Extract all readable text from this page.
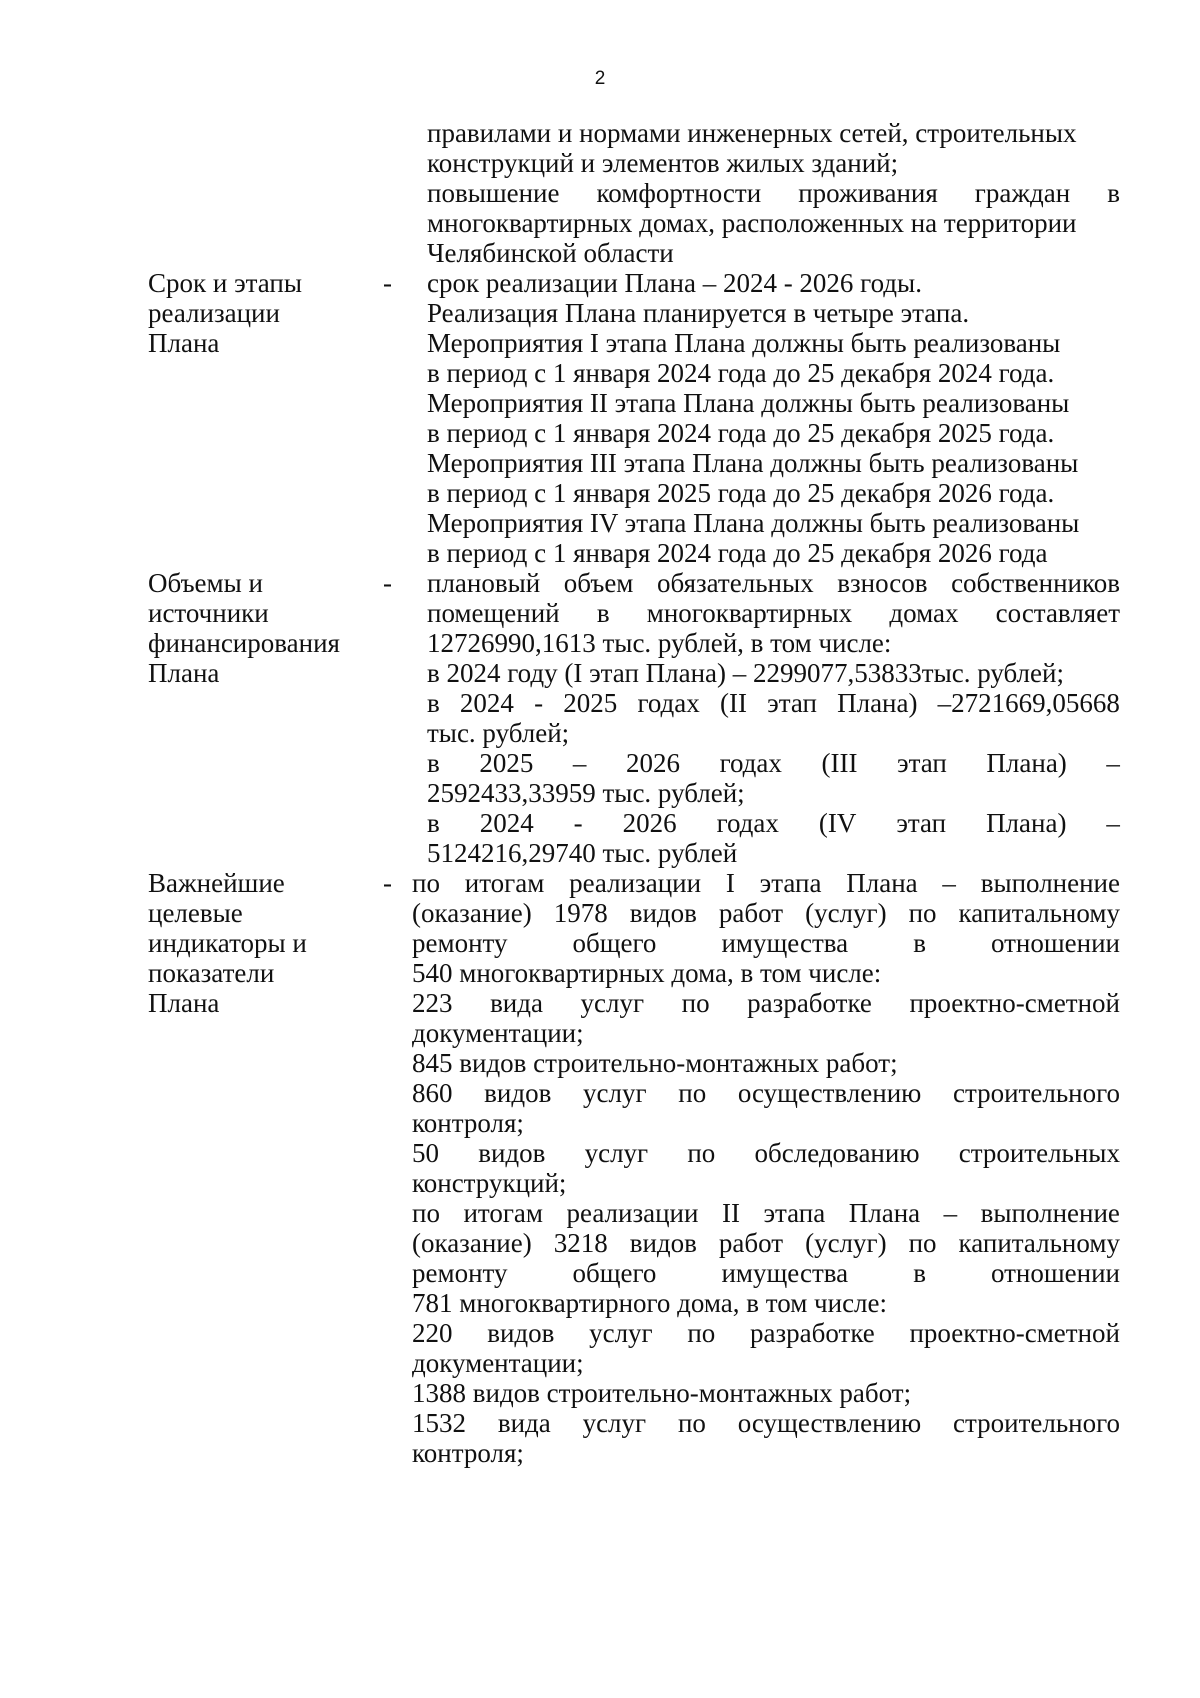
2
правилами и нормами инженерных сетей, строительных
конструкций и элементов жилых зданий;
повышение комфортности проживания граждан в
многоквартирных домах, расположенных на территории
Челябинской области
Срок и этапы
реализации
Плана
-	срок реализации Плана – 2024 - 2026 годы.
Реализация Плана планируется в четыре этапа.
Мероприятия I этапа Плана должны быть реализованы
в период с 1 января 2024 года до 25 декабря 2024 года.
Мероприятия II этапа Плана должны быть реализованы
в период с 1 января 2024 года до 25 декабря 2025 года.
Мероприятия III этапа Плана должны быть реализованы
в период с 1 января 2025 года до 25 декабря 2026 года.
Мероприятия IV этапа Плана должны быть реализованы
в период с 1 января 2024 года до 25 декабря 2026 года
Объемы и
источники
финансирования
Плана
-	плановый объем обязательных взносов собственников
помещений в многоквартирных домах составляет
12726990,1613 тыс. рублей, в том числе:
в 2024 году (I этап Плана) – 2299077,53833тыс. рублей;
в 2024 - 2025 годах (II этап Плана) –2721669,05668
тыс. рублей;
в 2025 – 2026 годах (III этап Плана) –
2592433,33959 тыс. рублей;
в 2024 - 2026 годах (IV этап Плана) –
5124216,29740 тыс. рублей
Важнейшие
целевые
индикаторы и
показатели
Плана
- по итогам реализации I этапа Плана – выполнение
(оказание) 1978 видов работ (услуг) по капитальному
ремонту общего имущества в отношении
540 многоквартирных дома, в том числе:
223 вида услуг по разработке проектно-сметной
документации;
845 видов строительно-монтажных работ;
860 видов услуг по осуществлению строительного
контроля;
50 видов услуг по обследованию строительных
конструкций;
по итогам реализации II этапа Плана – выполнение
(оказание) 3218 видов работ (услуг) по капитальному
ремонту общего имущества в отношении
781 многоквартирного дома, в том числе:
220 видов услуг по разработке проектно-сметной
документации;
1388 видов строительно-монтажных работ;
1532 вида услуг по осуществлению строительного
контроля;
